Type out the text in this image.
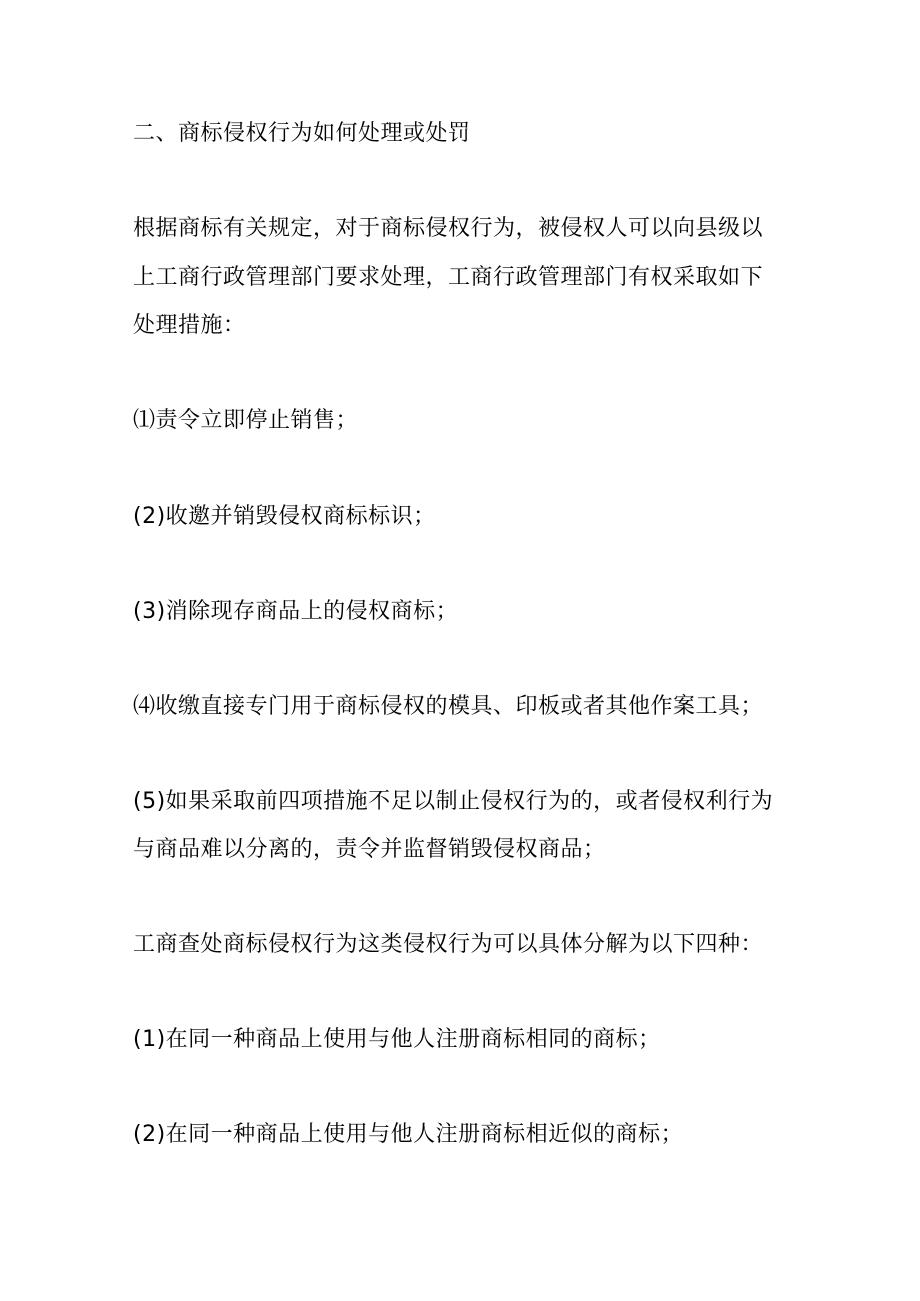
二、商标侵权行为如何处理或处罚
根据商标有关规定，对于商标侵权行为，被侵权人可以向县级以
上工商行政管理部门要求处理，工商行政管理部门有权采取如下
处理措施：
⑴责令立即停止销售；
(2)收邀并销毁侵权商标标识；
(3)消除现存商品上的侵权商标；
⑷收缴直接专门用于商标侵权的模具、印板或者其他作案工具；
(5)如果采取前四项措施不足以制止侵权行为的，或者侵权利行为
与商品难以分离的，责令并监督销毁侵权商品；
工商查处商标侵权行为这类侵权行为可以具体分解为以下四种：
(1)在同一种商品上使用与他人注册商标相同的商标；
(2)在同一种商品上使用与他人注册商标相近似的商标；
